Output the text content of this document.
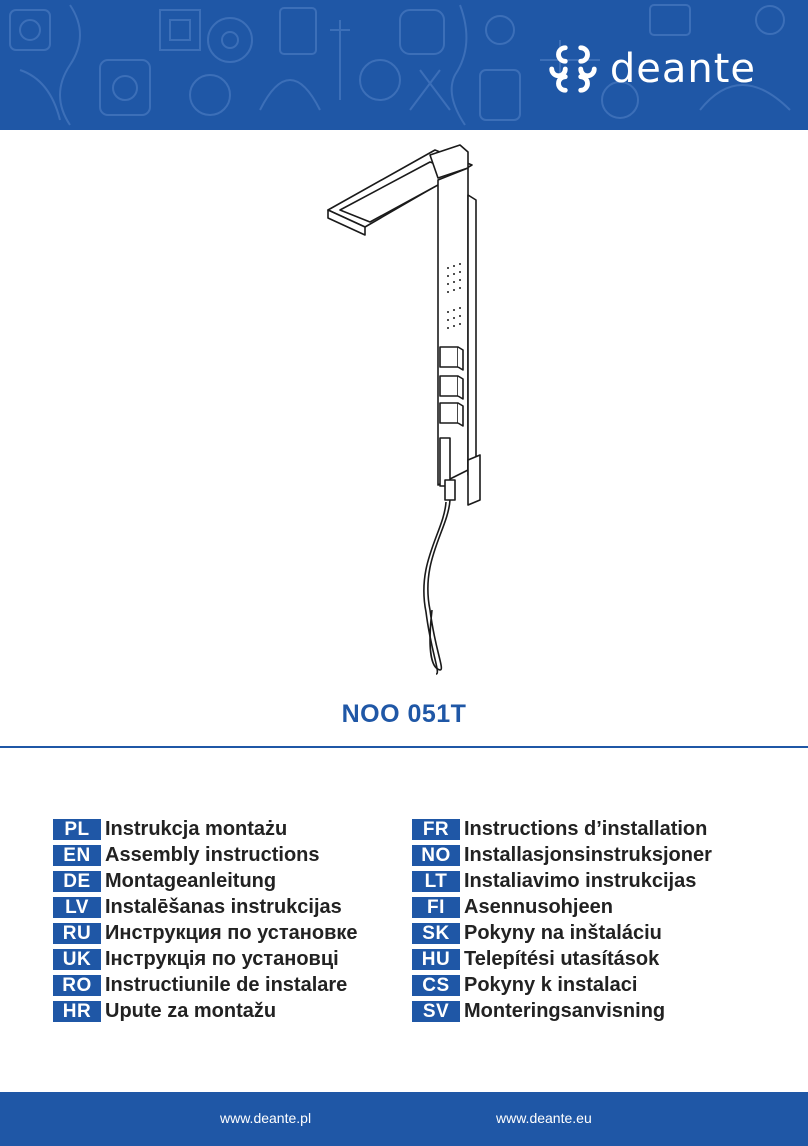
deante
NOO 051T
PL Instrukcja montażu
EN Assembly instructions
DE Montageanleitung
LV Instalēšanas instrukcijas
RU Инструкция по установке
UK Інструкція по установці
RO Instructiunile de instalare
HR Upute za montažu
FR Instructions d’installation
NO Installasjonsinstruksjoner
LT Instaliavimo instrukcijas
FI Asennusohjeen
SK Pokyny na inštaláciu
HU Telepítési utasítások
CS Pokyny k instalaci
SV Monteringsanvisning
www.deante.pl	www.deante.eu
